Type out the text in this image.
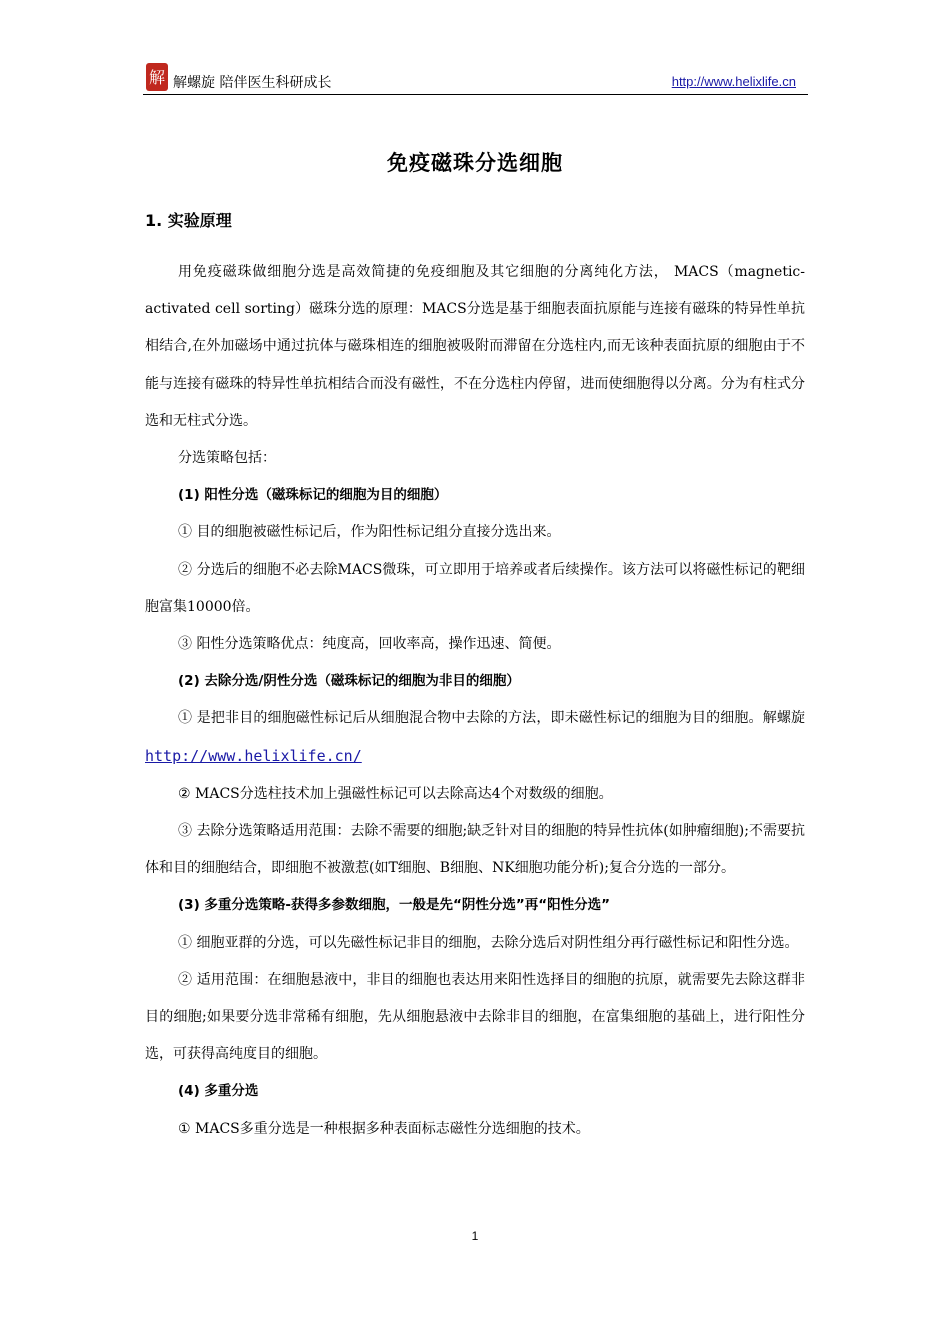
解 解螺旋 陪伴医生科研成长	http://www.helixlife.cn
免疫磁珠分选细胞
1. 实验原理

用免疫磁珠做细胞分选是高效简捷的免疫细胞及其它细胞的分离纯化方法， MACS（magnetic-activated cell sorting）磁珠分选的原理：MACS分选是基于细胞表面抗原能与连接有磁珠的特异性单抗相结合,在外加磁场中通过抗体与磁珠相连的细胞被吸附而滞留在分选柱内,而无该种表面抗原的细胞由于不能与连接有磁珠的特异性单抗相结合而没有磁性，不在分选柱内停留，进而使细胞得以分离。分为有柱式分选和无柱式分选。

分选策略包括：

(1) 阳性分选（磁珠标记的细胞为目的细胞）

① 目的细胞被磁性标记后，作为阳性标记组分直接分选出来。

② 分选后的细胞不必去除MACS微珠，可立即用于培养或者后续操作。该方法可以将磁性标记的靶细胞富集10000倍。

③ 阳性分选策略优点：纯度高，回收率高，操作迅速、简便。

(2) 去除分选/阴性分选（磁珠标记的细胞为非目的细胞）

① 是把非目的细胞磁性标记后从细胞混合物中去除的方法，即未磁性标记的细胞为目的细胞。解螺旋 http://www.helixlife.cn/

② MACS分选柱技术加上强磁性标记可以去除高达4个对数级的细胞。

③ 去除分选策略适用范围：去除不需要的细胞;缺乏针对目的细胞的特异性抗体(如肿瘤细胞);不需要抗体和目的细胞结合，即细胞不被激惹(如T细胞、B细胞、NK细胞功能分析);复合分选的一部分。

(3) 多重分选策略-获得多参数细胞，一般是先“阴性分选”再“阳性分选”

① 细胞亚群的分选，可以先磁性标记非目的细胞，去除分选后对阴性组分再行磁性标记和阳性分选。

② 适用范围：在细胞悬液中，非目的细胞也表达用来阳性选择目的细胞的抗原，就需要先去除这群非目的细胞;如果要分选非常稀有细胞，先从细胞悬液中去除非目的细胞，在富集细胞的基础上，进行阳性分选，可获得高纯度目的细胞。

(4) 多重分选

① MACS多重分选是一种根据多种表面标志磁性分选细胞的技术。

1
